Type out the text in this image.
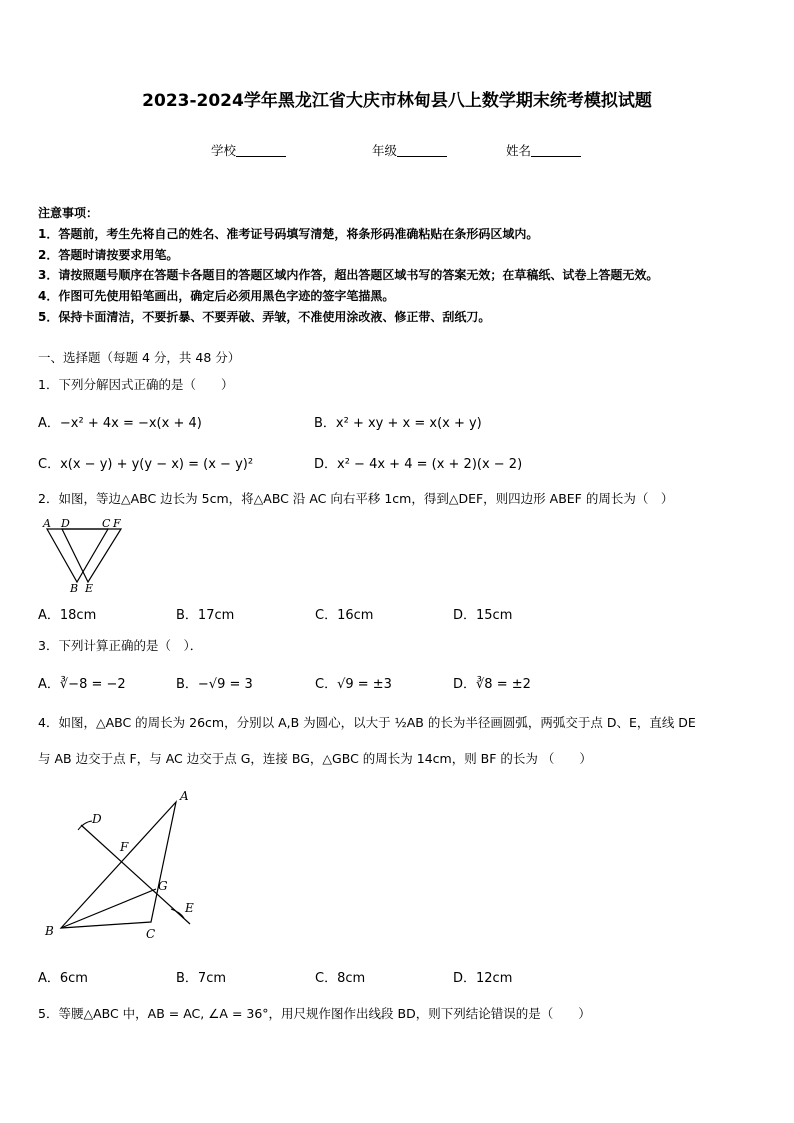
2023-2024学年黑龙江省大庆市林甸县八上数学期末统考模拟试题
学校	年级	姓名
注意事项：
1．答题前，考生先将自己的姓名、准考证号码填写清楚，将条形码准确粘贴在条形码区域内。
2．答题时请按要求用笔。
3．请按照题号顺序在答题卡各题目的答题区域内作答，超出答题区域书写的答案无效；在草稿纸、试卷上答题无效。
4．作图可先使用铅笔画出，确定后必须用黑色字迹的签字笔描黑。
5．保持卡面清洁，不要折暴、不要弄破、弄皱，不准使用涂改液、修正带、刮纸刀。
一、选择题（每题 4 分，共 48 分）
1．下列分解因式正确的是（　　）
A．−x² + 4x = −x(x + 4)	B．x² + xy + x = x(x + y)
C．x(x − y) + y(y − x) = (x − y)²	D．x² − 4x + 4 = (x + 2)(x − 2)
2．如图，等边△ABC 边长为 5cm，将△ABC 沿 AC 向右平移 1cm，得到△DEF，则四边形 ABEF 的周长为（　）
A D	C F
B E
A．18cm	B．17cm	C．16cm	D．15cm
3．下列计算正确的是（　）．
A．∛−8 = −2	B．−√9 = 3	C．√9 = ±3	D．∛8 = ±2
4．如图，△ABC 的周长为 26cm，分别以 A,B 为圆心，以大于 ½AB 的长为半径画圆弧，两弧交于点 D、E，直线 DE
与 AB 边交于点 F，与 AC 边交于点 G，连接 BG，△GBC 的周长为 14cm，则 BF 的长为 （　　）
A
B	C
D
E
F
G
A．6cm	B．7cm	C．8cm	D．12cm
5．等腰△ABC 中，AB = AC, ∠A = 36°，用尺规作图作出线段 BD，则下列结论错误的是（　　）
